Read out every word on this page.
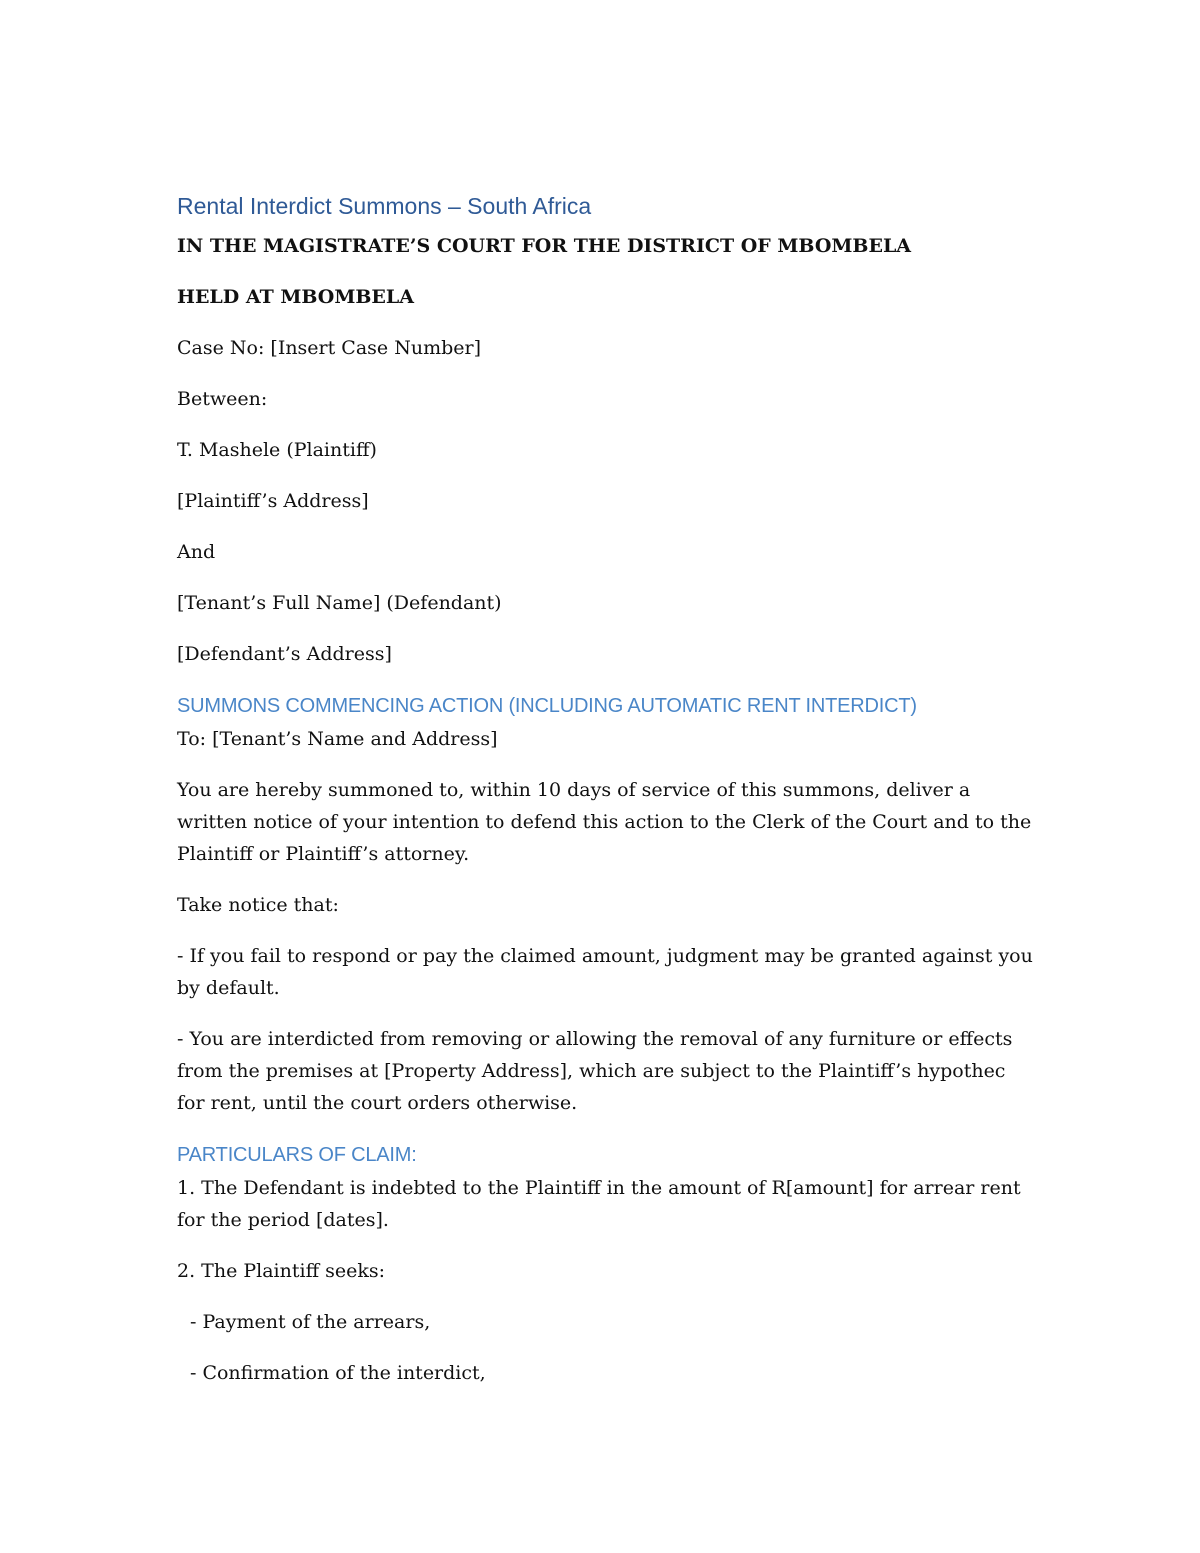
Rental Interdict Summons – South Africa
IN THE MAGISTRATE’S COURT FOR THE DISTRICT OF MBOMBELA
HELD AT MBOMBELA
Case No: [Insert Case Number]
Between:
T. Mashele (Plaintiff)
[Plaintiff’s Address]
And
[Tenant’s Full Name] (Defendant)
[Defendant’s Address]
SUMMONS COMMENCING ACTION (INCLUDING AUTOMATIC RENT INTERDICT)
To: [Tenant’s Name and Address]
You are hereby summoned to, within 10 days of service of this summons, deliver a written notice of your intention to defend this action to the Clerk of the Court and to the Plaintiff or Plaintiff’s attorney.
Take notice that:
- If you fail to respond or pay the claimed amount, judgment may be granted against you by default.
- You are interdicted from removing or allowing the removal of any furniture or effects from the premises at [Property Address], which are subject to the Plaintiff’s hypothec for rent, until the court orders otherwise.
PARTICULARS OF CLAIM:
1. The Defendant is indebted to the Plaintiff in the amount of R[amount] for arrear rent for the period [dates].
2. The Plaintiff seeks:
- Payment of the arrears,
- Confirmation of the interdict,
